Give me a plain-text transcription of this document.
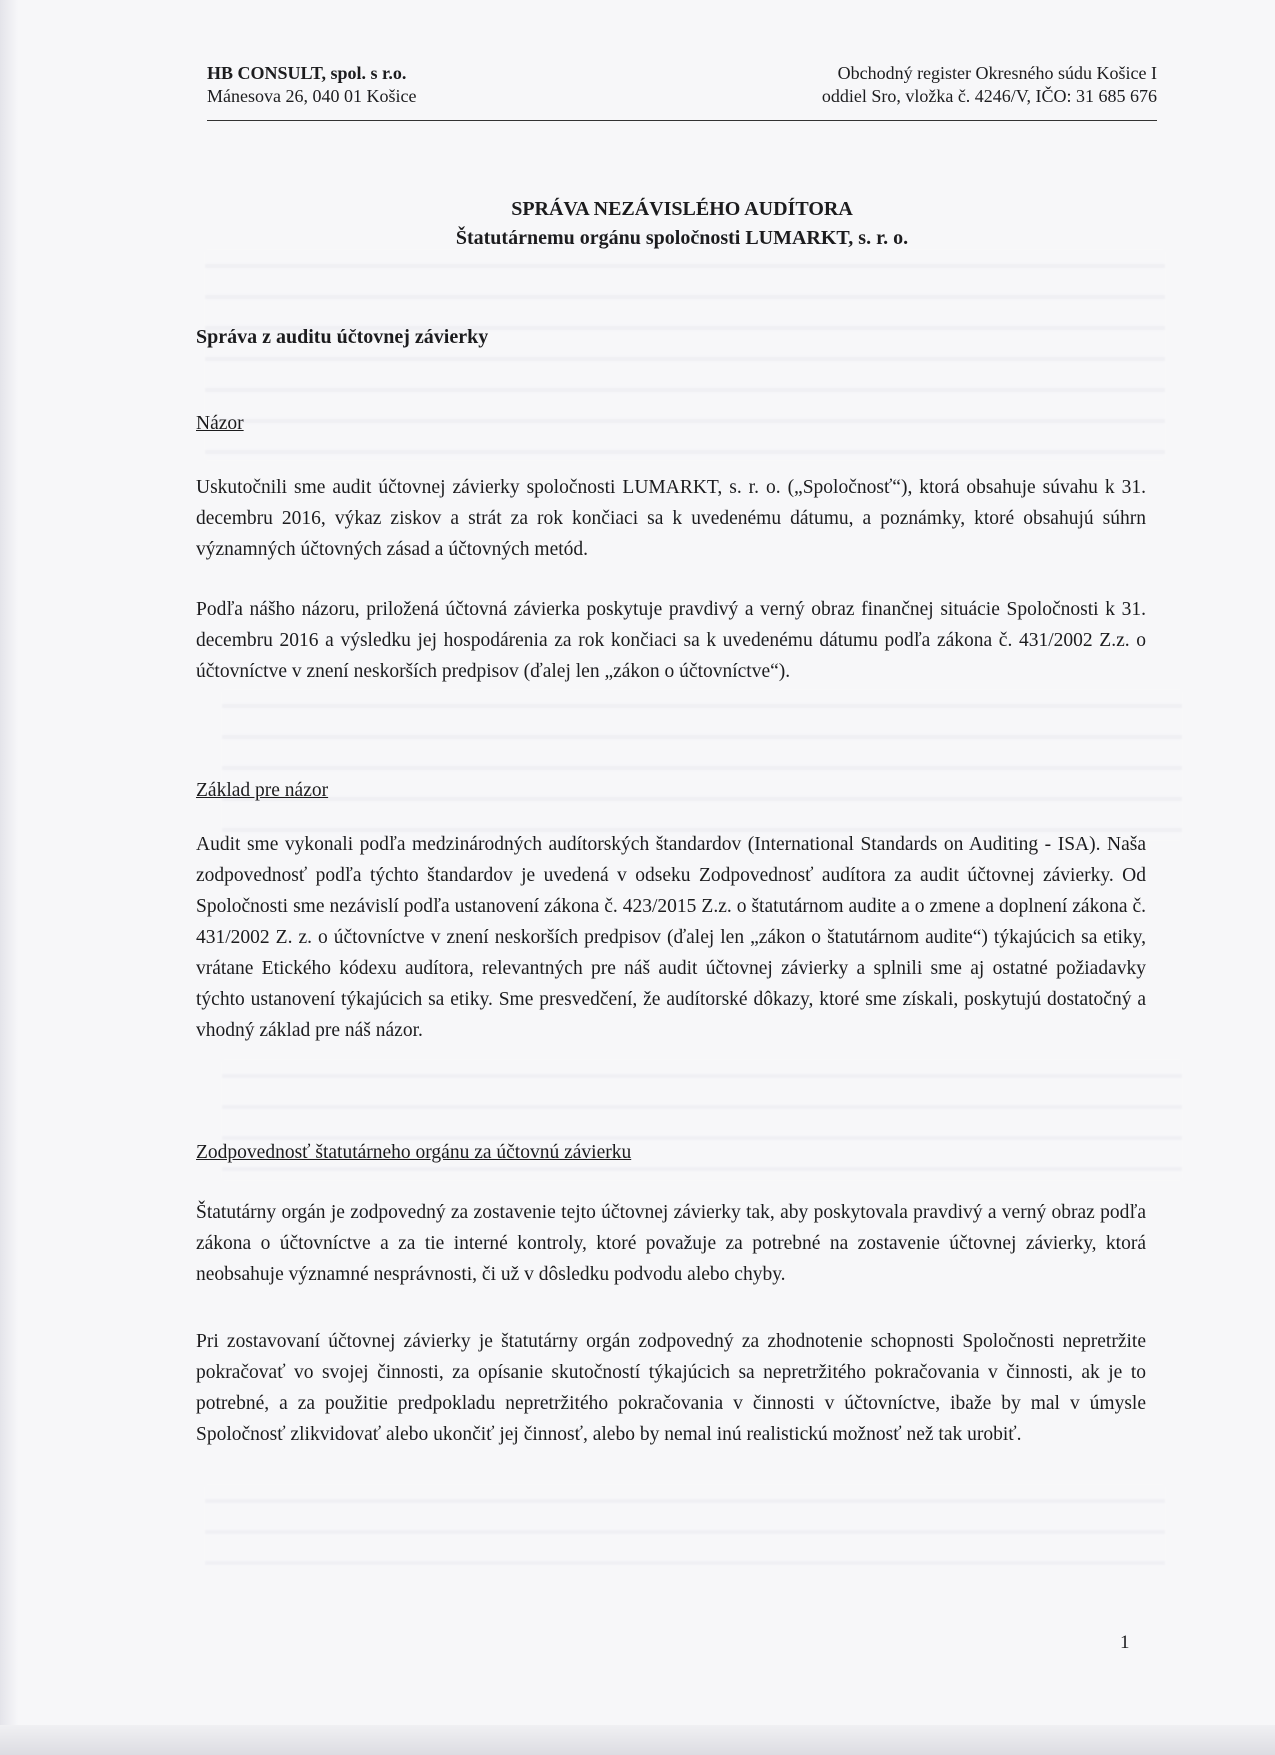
HB CONSULT, spol. s r.o.
Mánesova 26, 040 01 Košice
Obchodný register Okresného súdu Košice I
oddiel Sro, vložka č. 4246/V, IČO: 31 685 676
SPRÁVA NEZÁVISLÉHO AUDÍTORA
Štatutárnemu orgánu spoločnosti LUMARKT, s. r. o.
Správa z auditu účtovnej závierky
Názor

Uskutočnili sme audit účtovnej závierky spoločnosti LUMARKT, s. r. o. („Spoločnosť“), ktorá obsahuje súvahu k 31. decembru 2016, výkaz ziskov a strát za rok končiaci sa k uvedenému dátumu, a poznámky, ktoré obsahujú súhrn významných účtovných zásad a účtovných metód.

Podľa nášho názoru, priložená účtovná závierka poskytuje pravdivý a verný obraz finančnej situácie Spoločnosti k 31. decembru 2016 a výsledku jej hospodárenia za rok končiaci sa k uvedenému dátumu podľa zákona č. 431/2002 Z.z. o účtovníctve v znení neskorších predpisov (ďalej len „zákon o účtovníctve“).

Základ pre názor

Audit sme vykonali podľa medzinárodných audítorských štandardov (International Standards on Auditing - ISA). Naša zodpovednosť podľa týchto štandardov je uvedená v odseku Zodpovednosť audítora za audit účtovnej závierky. Od Spoločnosti sme nezávislí podľa ustanovení zákona č. 423/2015 Z.z. o štatutárnom audite a o zmene a doplnení zákona č. 431/2002 Z. z. o účtovníctve v znení neskorších predpisov (ďalej len „zákon o štatutárnom audite“) týkajúcich sa etiky, vrátane Etického kódexu audítora, relevantných pre náš audit účtovnej závierky a splnili sme aj ostatné požiadavky týchto ustanovení týkajúcich sa etiky. Sme presvedčení, že audítorské dôkazy, ktoré sme získali, poskytujú dostatočný a vhodný základ pre náš názor.

Zodpovednosť štatutárneho orgánu za účtovnú závierku

Štatutárny orgán je zodpovedný za zostavenie tejto účtovnej závierky tak, aby poskytovala pravdivý a verný obraz podľa zákona o účtovníctve a za tie interné kontroly, ktoré považuje za potrebné na zostavenie účtovnej závierky, ktorá neobsahuje významné nesprávnosti, či už v dôsledku podvodu alebo chyby.

Pri zostavovaní účtovnej závierky je štatutárny orgán zodpovedný za zhodnotenie schopnosti Spoločnosti nepretržite pokračovať vo svojej činnosti, za opísanie skutočností týkajúcich sa nepretržitého pokračovania v činnosti, ak je to potrebné, a za použitie predpokladu nepretržitého pokračovania v činnosti v účtovníctve, ibaže by mal v úmysle Spoločnosť zlikvidovať alebo ukončiť jej činnosť, alebo by nemal inú realistickú možnosť než tak urobiť.

1
